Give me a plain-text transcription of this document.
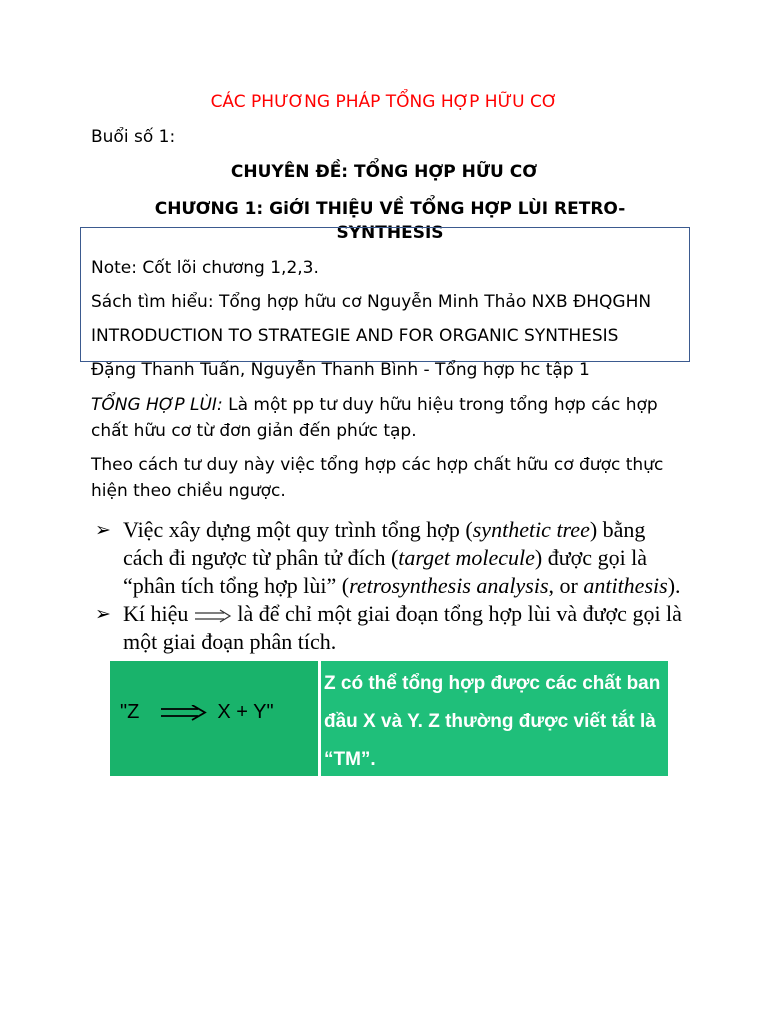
CÁC PHƯƠNG PHÁP TỔNG HỢP HỮU CƠ
Buổi số 1:
CHUYÊN ĐỀ: TỔNG HỢP HỮU CƠ
CHƯƠNG 1: GiỚI THIỆU VỀ TỔNG HỢP LÙI RETRO-SYNTHESIS
Note: Cốt lõi chương 1,2,3.
Sách tìm hiểu: Tổng hợp hữu cơ Nguyễn Minh Thảo NXB ĐHQGHN
INTRODUCTION TO STRATEGIE AND FOR ORGANIC SYNTHESIS
Đặng Thanh Tuấn, Nguyễn Thanh Bình - Tổng hợp hc tập 1
TỔNG HỢP LÙI: Là một pp tư duy hữu hiệu trong tổng hợp các hợp chất hữu cơ từ đơn giản đến phức tạp.
Theo cách tư duy này việc tổng hợp các hợp chất hữu cơ được thực hiện theo chiều ngược.
➢ Việc xây dựng một quy trình tổng hợp (synthetic tree) bằng cách đi ngược từ phân tử đích (target molecule) được gọi là “phân tích tổng hợp lùi” (retrosynthesis analysis, or antithesis).
➢ Kí hiệu  là để chỉ một giai đoạn tổng hợp lùi và được gọi là một giai đoạn phân tích.
"Z	X + Y"
Z có thể tổng hợp được các chất ban đầu X và Y. Z thường được viết tắt là “TM”.
